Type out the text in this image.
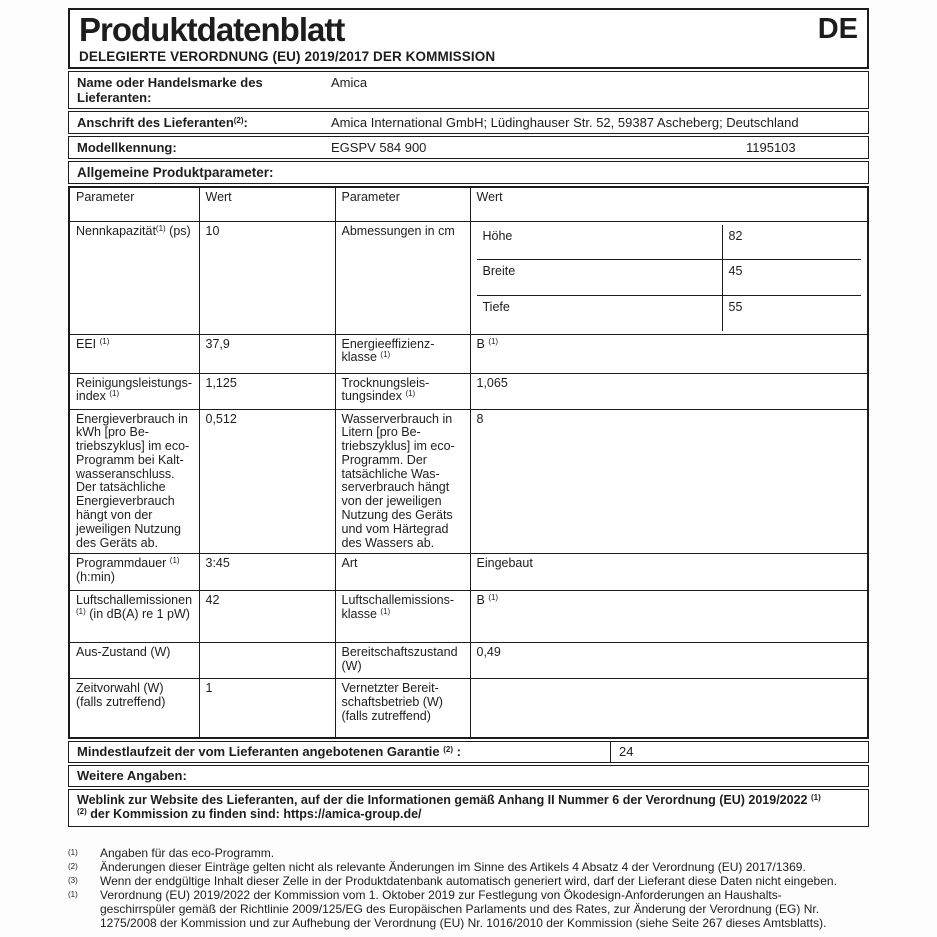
Produktdatenblatt	DE
DELEGIERTE VERORDNUNG (EU) 2019/2017 DER KOMMISSION
Name oder Handelsmarke des Lieferanten:
Amica
Anschrift des Lieferanten$^{(2)}$:	Amica International GmbH; Lüdinghauser Str. 52, 59387 Ascheberg; Deutschland
Modellkennung:	EGSPV 584 900	1195103
Allgemeine Produktparameter:
Parameter	Wert	Parameter	Wert
Nennkapazität$^{(1)}$ (ps)	10	Abmessungen in cm	Höhe	82
Breite	45
Tiefe	55

EEI $^{(1)}$	37,9	Energieeffizienzklasse $^{(1)}$	B $^{(1)}$
Reinigungsleistungsindex $^{(1)}$	1,125	Trocknungsleistungsindex $^{(1)}$	1,065
Energieverbrauch in kWh [pro Betriebszyklus] im eco-Programm bei Kaltwasseranschluss. Der tatsächliche Energieverbrauch hängt von der jeweiligen Nutzung des Geräts ab.	0,512	Wasserverbrauch in Litern [pro Betriebszyklus] im eco-Programm. Der tatsächliche Wasserverbrauch hängt von der jeweiligen Nutzung des Geräts und vom Härtegrad des Wassers ab.	8
Programmdauer $^{(1)}$ (h:min)	3:45	Art	Eingebaut
Luftschallemissionen $^{(1)}$ (in dB(A) re 1 pW)	42	Luftschallemissionsklasse $^{(1)}$	B $^{(1)}$
Aus-Zustand (W)		Bereitschaftszustand (W)	0,49
Zeitvorwahl (W) (falls zutreffend)	1	Vernetzter Bereitschaftsbetrieb (W) (falls zutreffend)	
Mindestlaufzeit der vom Lieferanten angebotenen Garantie $^{(2)}$ :	24
Weitere Angaben:
Weblink zur Website des Lieferanten, auf der die Informationen gemäß Anhang II Nummer 6 der Verordnung (EU) 2019/2022 $^{(1)}$
$^{(2)}$ der Kommission zu finden sind: https://amica-group.de/
(1)	Angaben für das eco-Programm.
(2)	Änderungen dieser Einträge gelten nicht als relevante Änderungen im Sinne des Artikels 4 Absatz 4 der Verordnung (EU) 2017/1369.
(3)	Wenn der endgültige Inhalt dieser Zelle in der Produktdatenbank automatisch generiert wird, darf der Lieferant diese Daten nicht eingeben.
(1)	Verordnung (EU) 2019/2022 der Kommission vom 1. Oktober 2019 zur Festlegung von Ökodesign-Anforderungen an Haushaltsgeschirrspüler gemäß der Richtlinie 2009/125/EG des Europäischen Parlaments und des Rates, zur Änderung der Verordnung (EG) Nr. 1275/2008 der Kommission und zur Aufhebung der Verordnung (EU) Nr. 1016/2010 der Kommission (siehe Seite 267 dieses Amtsblatts).
